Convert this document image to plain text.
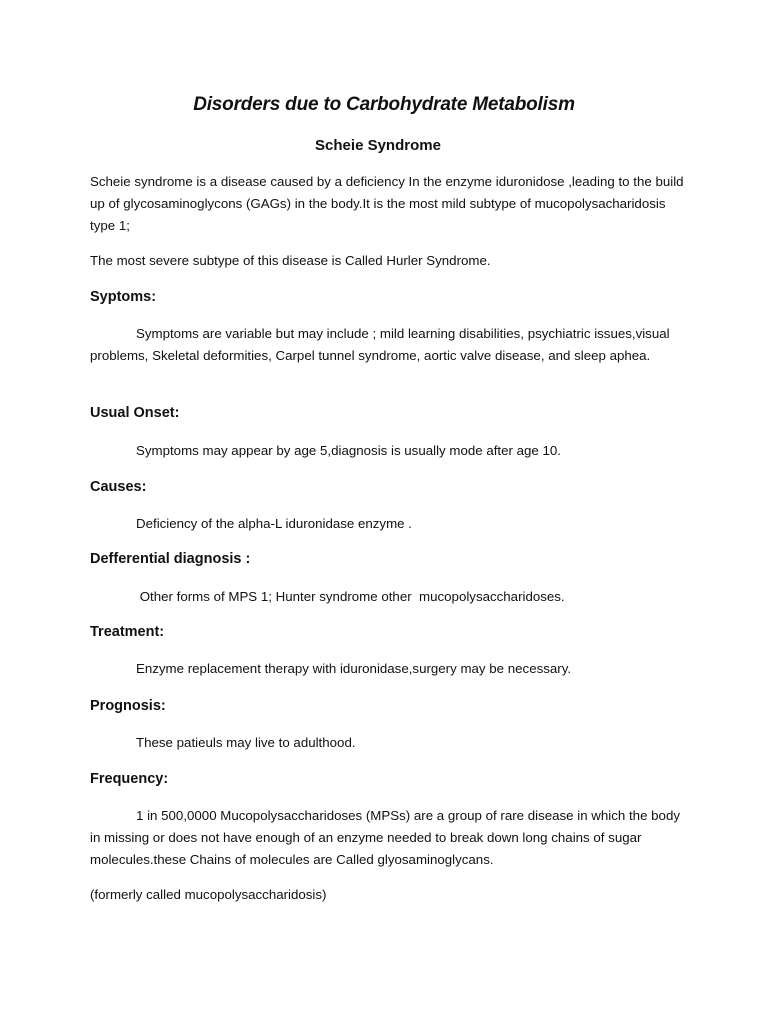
Disorders due to Carbohydrate Metabolism
Scheie Syndrome

Scheie syndrome is a disease caused by a deficiency In the enzyme iduronidose ,leading to the build up of glycosaminoglycons (GAGs) in the body.It is the most mild subtype of mucopolysacharidosis type 1;

The most severe subtype of this disease is Called Hurler Syndrome.

Syptoms:

Symptoms are variable but may include ; mild learning disabilities, psychiatric issues,visual problems, Skeletal deformities, Carpel tunnel syndrome, aortic valve disease, and sleep aphea.

Usual Onset:

Symptoms may appear by age 5,diagnosis is usually mode after age 10.

Causes:

Deficiency of the alpha-L iduronidase enzyme .

Defferential diagnosis :

Other forms of MPS 1; Hunter syndrome other  mucopolysaccharidoses.

Treatment:

Enzyme replacement therapy with iduronidase,surgery may be necessary.

Prognosis:

These patieuls may live to adulthood.

Frequency:

1 in 500,0000 Mucopolysaccharidoses (MPSs) are a group of rare disease in which the body in missing or does not have enough of an enzyme needed to break down long chains of sugar molecules.these Chains of molecules are Called glyosaminoglycans.

(formerly called mucopolysaccharidosis)
